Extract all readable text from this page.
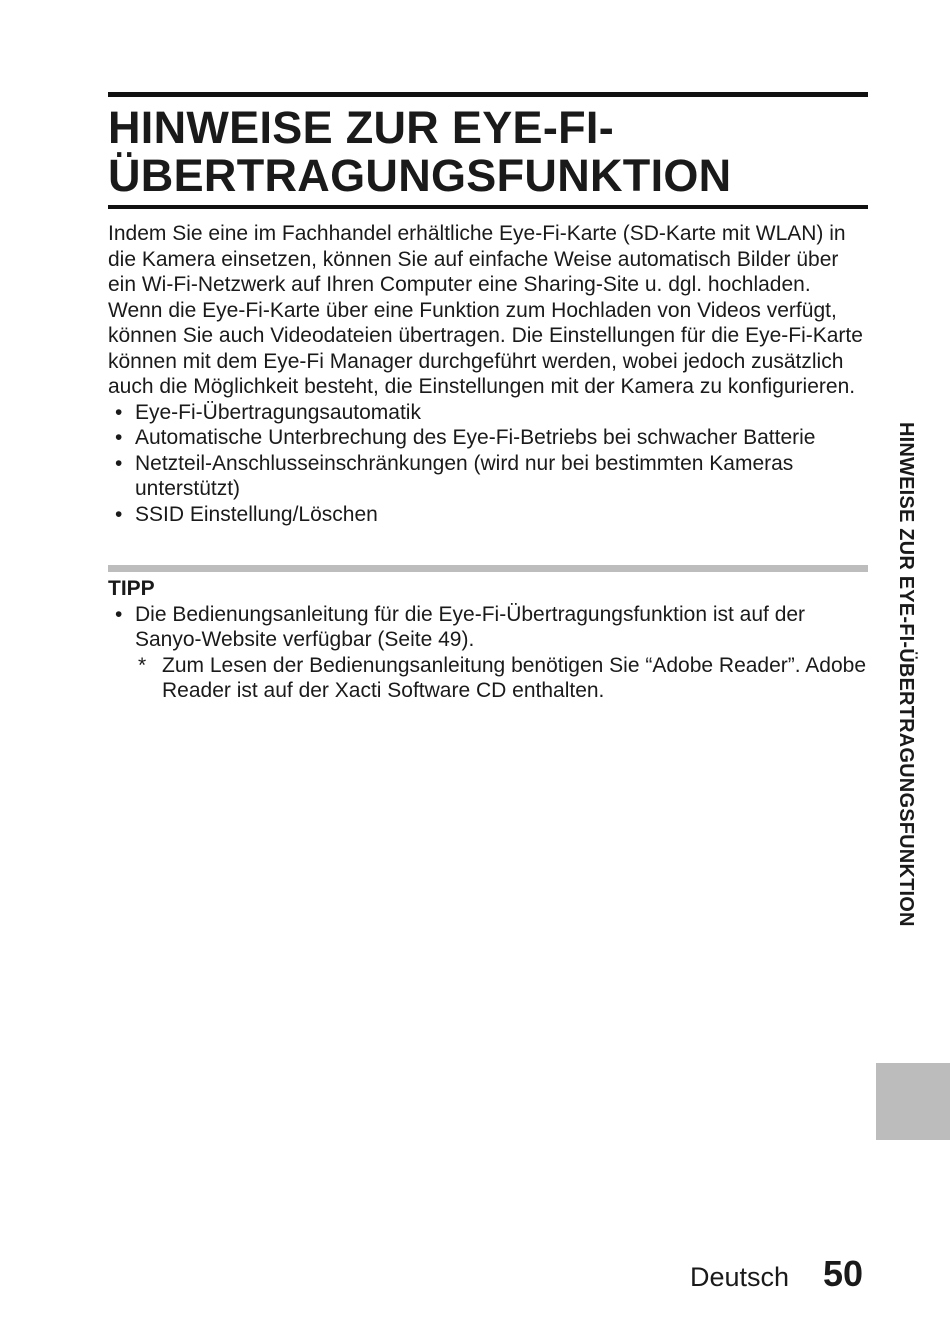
HINWEISE ZUR EYE-FI-
ÜBERTRAGUNGSFUNKTION

Indem Sie eine im Fachhandel erhältliche Eye-Fi-Karte (SD-Karte mit WLAN) in die Kamera einsetzen, können Sie auf einfache Weise automatisch Bilder über ein Wi-Fi-Netzwerk auf Ihren Computer eine Sharing-Site u. dgl. hochladen. Wenn die Eye-Fi-Karte über eine Funktion zum Hochladen von Videos verfügt, können Sie auch Videodateien übertragen. Die Einstellungen für die Eye-Fi-Karte können mit dem Eye-Fi Manager durchgeführt werden, wobei jedoch zusätzlich auch die Möglichkeit besteht, die Einstellungen mit der Kamera zu konfigurieren.

• Eye-Fi-Übertragungsautomatik
• Automatische Unterbrechung des Eye-Fi-Betriebs bei schwacher Batterie
• Netzteil-Anschlusseinschränkungen (wird nur bei bestimmten Kameras unterstützt)
• SSID Einstellung/Löschen
TIPP
• Die Bedienungsanleitung für die Eye-Fi-Übertragungsfunktion ist auf der Sanyo-Website verfügbar (Seite 49).
* Zum Lesen der Bedienungsanleitung benötigen Sie “Adobe Reader”. Adobe Reader ist auf der Xacti Software CD enthalten.	HINWEISE ZUR EYE-FI-ÜBERTRAGUNGSFUNKTION
Deutsch 50
